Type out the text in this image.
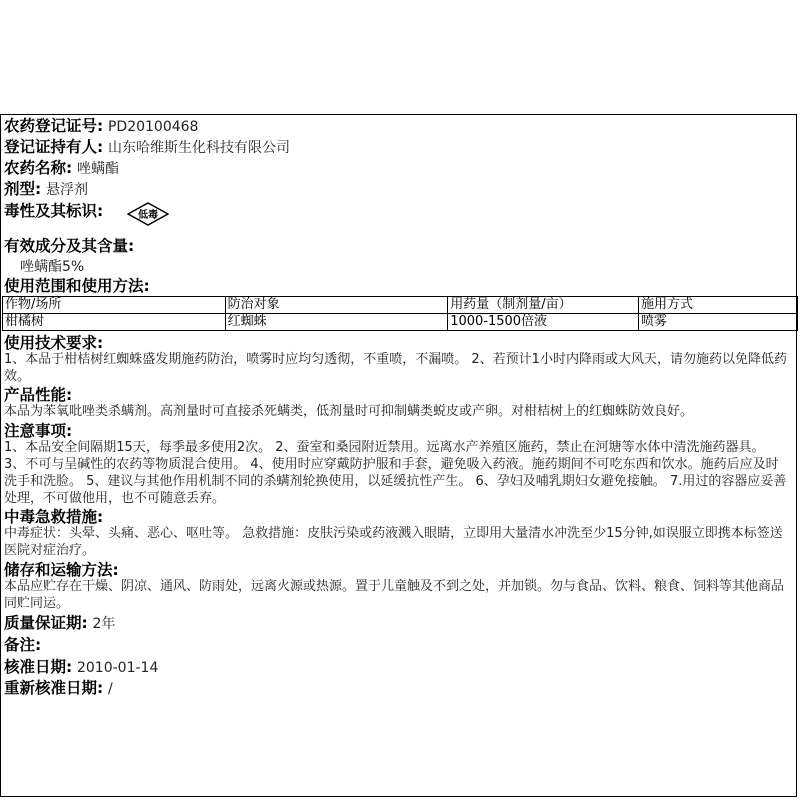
农药登记证号: PD20100468
登记证持有人: 山东哈维斯生化科技有限公司
农药名称: 唑螨酯
剂型: 悬浮剂
毒性及其标识:	低毒
有效成分及其含量:
唑螨酯5%
使用范围和使用方法:
作物/场所	防治对象	用药量（制剂量/亩）	施用方式
柑橘树	红蜘蛛	1000-1500倍液	喷雾
使用技术要求:
1、本品于柑桔树红蜘蛛盛发期施药防治，喷雾时应均匀透彻，不重喷，不漏喷。 2、若预计1小时内降雨或大风天，请勿施药以免降低药效。
产品性能:
本品为苯氧吡唑类杀螨剂。高剂量时可直接杀死螨类，低剂量时可抑制螨类蜕皮或产卵。对柑桔树上的红蜘蛛防效良好。
注意事项:
1、本品安全间隔期15天，每季最多使用2次。 2、蚕室和桑园附近禁用。远离水产养殖区施药，禁止在河塘等水体中清洗施药器具。 3、不可与呈碱性的农药等物质混合使用。 4、使用时应穿戴防护服和手套，避免吸入药液。施药期间不可吃东西和饮水。施药后应及时洗手和洗脸。 5、建议与其他作用机制不同的杀螨剂轮换使用，以延缓抗性产生。 6、孕妇及哺乳期妇女避免接触。 7.用过的容器应妥善处理，不可做他用，也不可随意丢弃。
中毒急救措施:
中毒症状：头晕、头痛、恶心、呕吐等。 急救措施：皮肤污染或药液溅入眼睛，立即用大量清水冲洗至少15分钟,如误服立即携本标签送医院对症治疗。
储存和运输方法:
本品应贮存在干燥、阴凉、通风、防雨处，远离火源或热源。置于儿童触及不到之处，并加锁。勿与食品、饮料、粮食、饲料等其他商品同贮同运。
质量保证期: 2年
备注:
核准日期: 2010-01-14
重新核准日期: /
